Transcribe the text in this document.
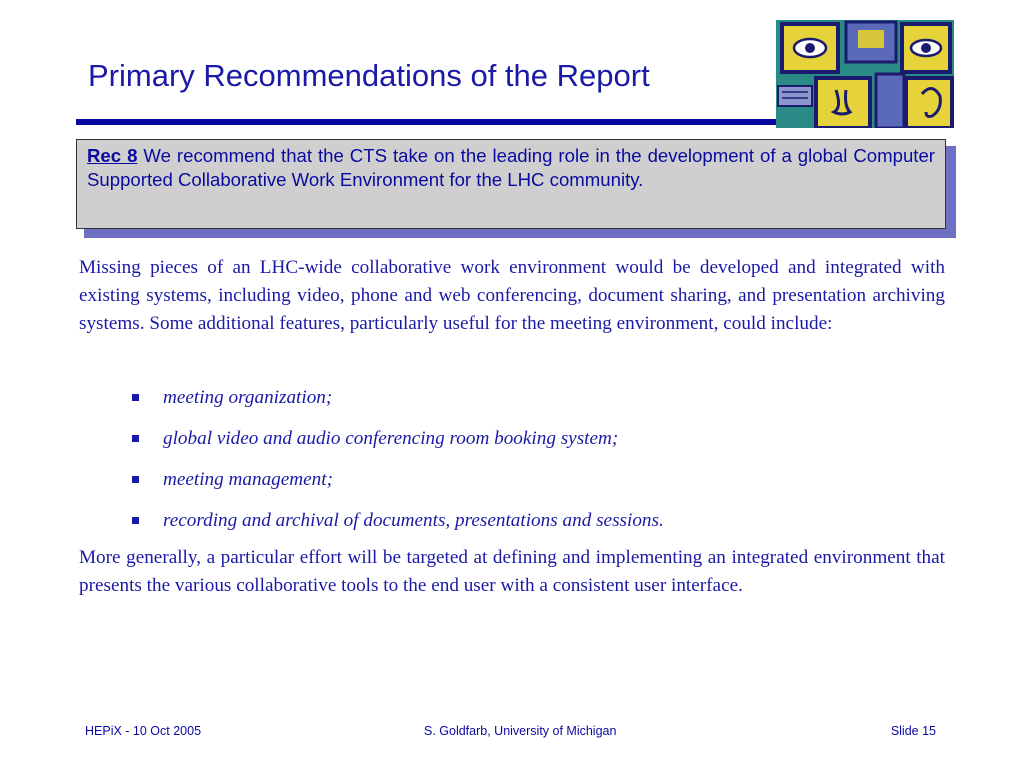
Primary Recommendations of the Report

Rec 8 We recommend that the CTS take on the leading role in the development of a global Computer Supported Collaborative Work Environment for the LHC community.

Missing pieces of an LHC-wide collaborative work environment would be developed and integrated with existing systems, including video, phone and web conferencing, document sharing, and presentation archiving systems. Some additional features, particularly useful for the meeting environment, could include:

meeting organization;
global video and audio conferencing room booking system;
meeting management;
recording and archival of documents, presentations and sessions.

More generally, a particular effort will be targeted at defining and implementing an integrated environment that presents the various collaborative tools to the end user with a consistent user interface.

HEPiX - 10 Oct 2005	S. Goldfarb, University of Michigan	Slide 15
